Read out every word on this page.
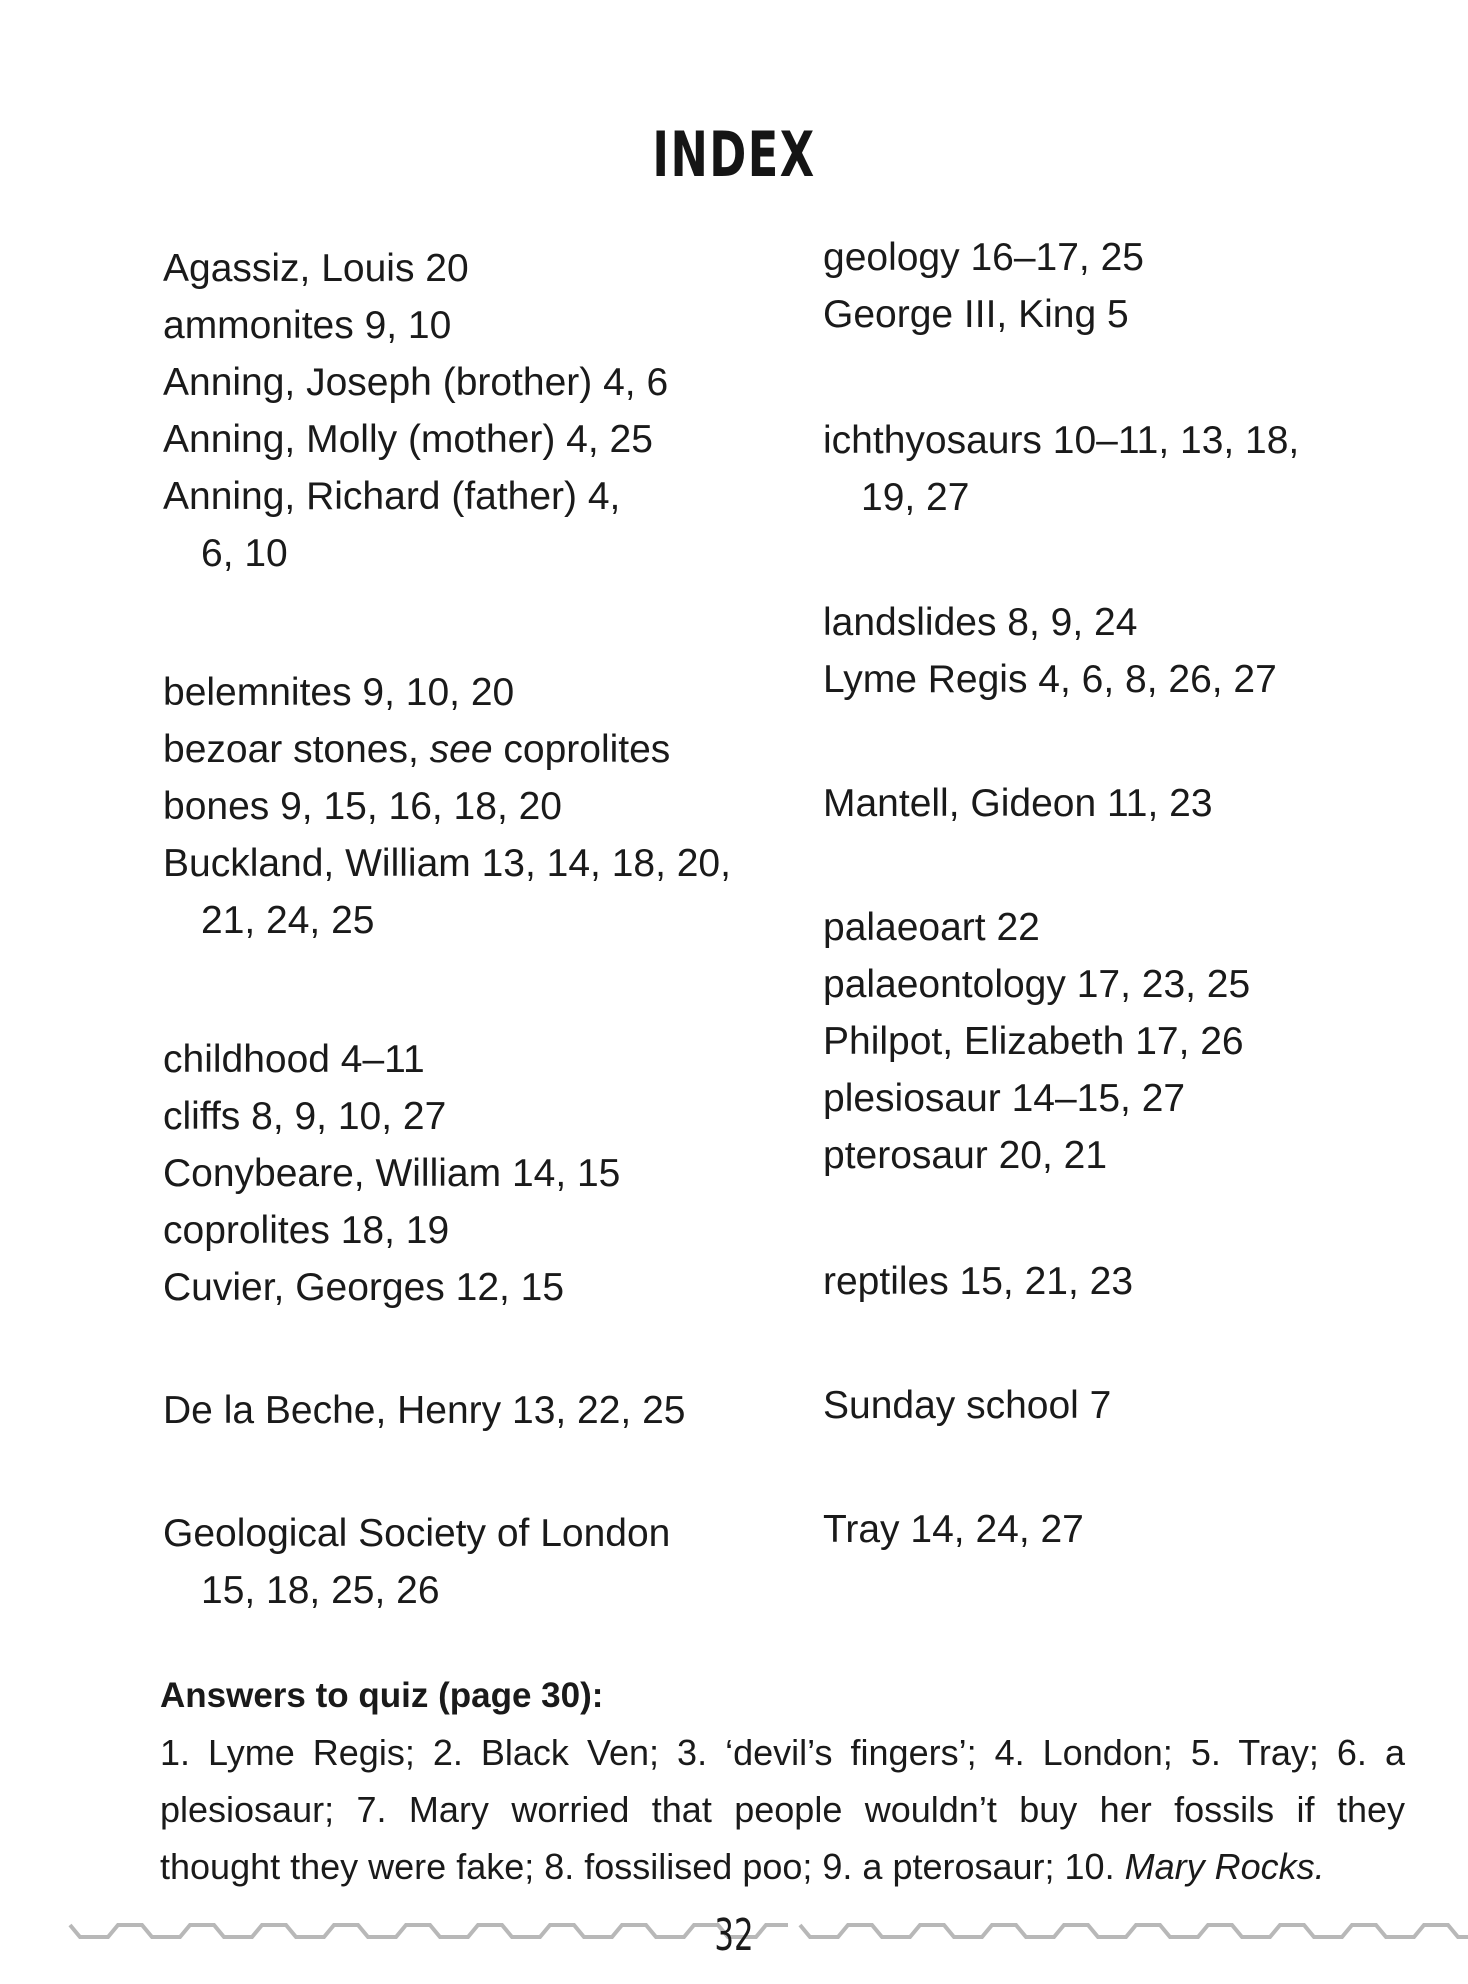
INDEX
Agassiz, Louis 20
ammonites 9, 10
Anning, Joseph (brother) 4, 6
Anning, Molly (mother) 4, 25
Anning, Richard (father) 4,
6, 10
belemnites 9, 10, 20
bezoar stones, see coprolites
bones 9, 15, 16, 18, 20
Buckland, William 13, 14, 18, 20,
21, 24, 25
childhood 4–11
cliffs 8, 9, 10, 27
Conybeare, William 14, 15
coprolites 18, 19
Cuvier, Georges 12, 15
De la Beche, Henry 13, 22, 25
Geological Society of London
15, 18, 25, 26
geology 16–17, 25
George III, King 5
ichthyosaurs 10–11, 13, 18,
19, 27
landslides 8, 9, 24
Lyme Regis 4, 6, 8, 26, 27
Mantell, Gideon 11, 23
palaeoart 22
palaeontology 17, 23, 25
Philpot, Elizabeth 17, 26
plesiosaur 14–15, 27
pterosaur 20, 21
reptiles 15, 21, 23
Sunday school 7
Tray 14, 24, 27
Answers to quiz (page 30):
1. Lyme Regis; 2. Black Ven; 3. ‘devil’s fingers’; 4. London; 5. Tray; 6. a
plesiosaur; 7. Mary worried that people wouldn’t buy her fossils if they
thought they were fake; 8. fossilised poo; 9. a pterosaur; 10. Mary Rocks.
32
